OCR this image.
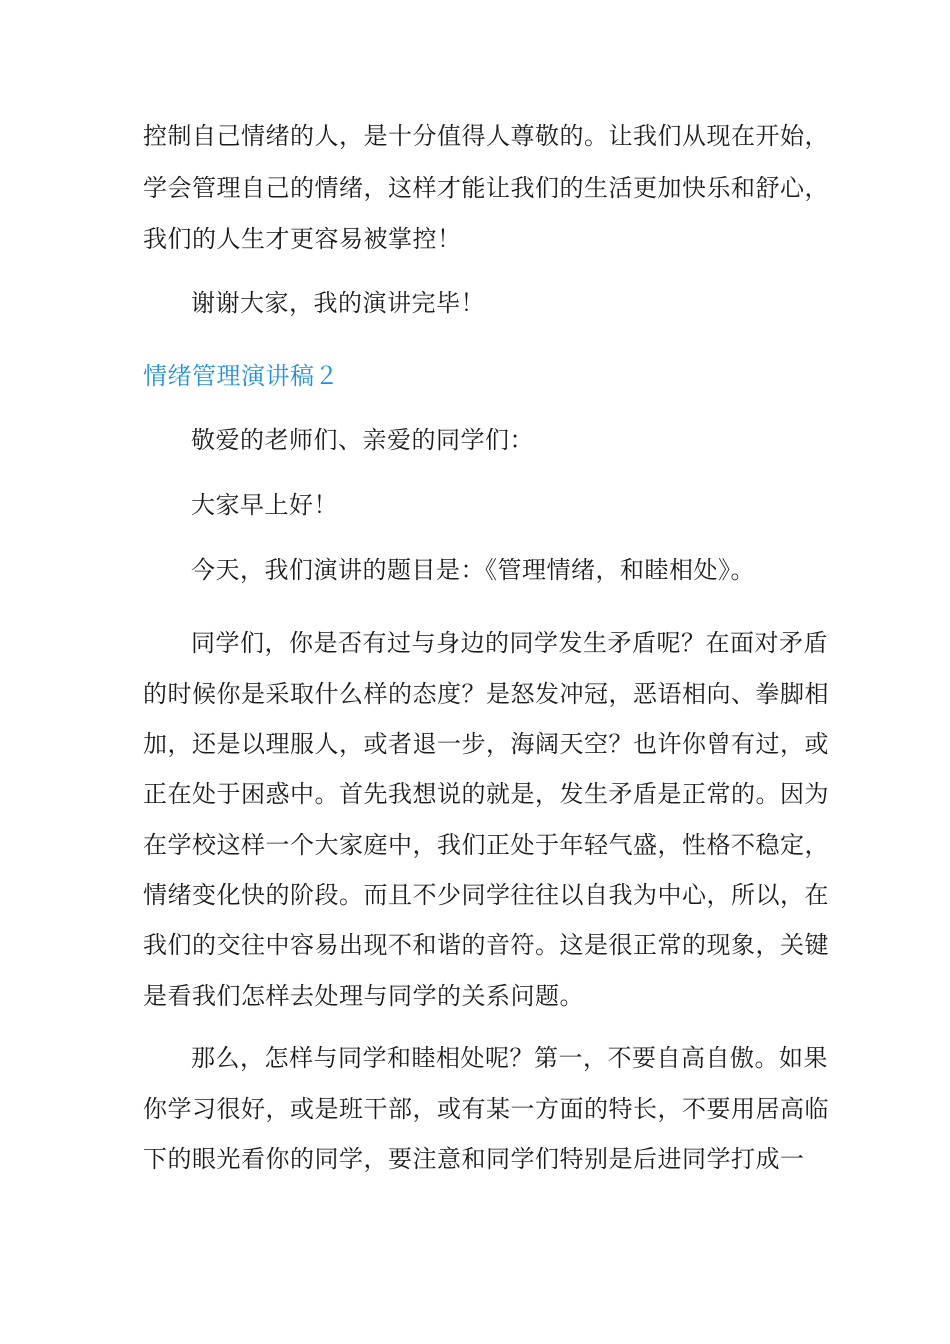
控制自己情绪的人，是十分值得人尊敬的。让我们从现在开始，

学会管理自己的情绪，这样才能让我们的生活更加快乐和舒心，

我们的人生才更容易被掌控！

谢谢大家，我的演讲完毕！

情绪管理演讲稿２

敬爱的老师们、亲爱的同学们：

大家早上好！

今天，我们演讲的题目是：《管理情绪，和睦相处》。

同学们，你是否有过与身边的同学发生矛盾呢？在面对矛盾

的时候你是采取什么样的态度？是怒发冲冠，恶语相向、拳脚相

加，还是以理服人，或者退一步，海阔天空？也许你曾有过，或

正在处于困惑中。首先我想说的就是，发生矛盾是正常的。因为

在学校这样一个大家庭中，我们正处于年轻气盛，性格不稳定，

情绪变化快的阶段。而且不少同学往往以自我为中心，所以，在

我们的交往中容易出现不和谐的音符。这是很正常的现象，关键

是看我们怎样去处理与同学的关系问题。

那么，怎样与同学和睦相处呢？第一，不要自高自傲。如果

你学习很好，或是班干部，或有某一方面的特长，不要用居高临

下的眼光看你的同学，要注意和同学们特别是后进同学打成一
